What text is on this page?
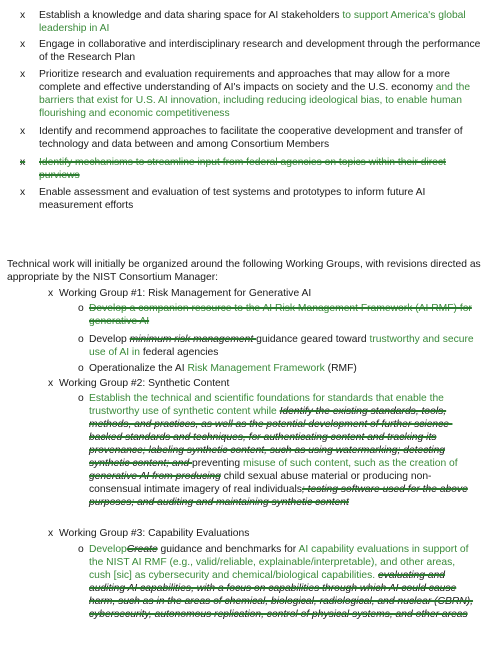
x Establish a knowledge and data sharing space for AI stakeholders to support America's global leadership in AI
x Engage in collaborative and interdisciplinary research and development through the performance of the Research Plan
x Prioritize research and evaluation requirements and approaches that may allow for a more complete and effective understanding of AI's impacts on society and the U.S. economy and the barriers that exist for U.S. AI innovation, including reducing ideological bias, to enable human flourishing and economic competitiveness
x Identify and recommend approaches to facilitate the cooperative development and transfer of technology and data between and among Consortium Members
x Identify mechanisms to streamline input from federal agencies on topics within their direct purviews
x Enable assessment and evaluation of test systems and prototypes to inform future AI measurement efforts
Technical work will initially be organized around the following Working Groups, with revisions directed as appropriate by the NIST Consortium Manager:
x Working Group #1: Risk Management for Generative AI
o Develop a companion resource to the AI Risk Management Framework (AI RMF) for generative AI
o Develop minimum risk management guidance geared toward trustworthy and secure use of AI in federal agencies
o Operationalize the AI Risk Management Framework (RMF)
x Working Group #2: Synthetic Content
o Establish the technical and scientific foundations for standards that enable the trustworthy use of synthetic content while Identify the existing standards, tools, methods, and practices, as well as the potential development of further science-backed standards and techniques, for authenticating content and tracking its provenance; labeling synthetic content, such as using watermarking; detecting synthetic content; and preventing misuse of such content, such as the creation of generative AI from producing child sexual abuse material or producing non-consensual intimate imagery of real individuals; testing software used for the above purposes; and auditing and maintaining synthetic content
x Working Group #3: Capability Evaluations
o DevelopCreate guidance and benchmarks for AI capability evaluations in support of the NIST AI RMF (e.g., valid/reliable, explainable/interpretable), and other areas, cush [sic] as cybersecurity and chemical/biological capabilities. evaluating and auditing AI capabilities, with a focus on capabilities through which AI could cause harm, such as in the areas of chemical, biological, radiological, and nuclear (CBRN), cybersecurity, autonomous replication, control of physical systems, and other areas
